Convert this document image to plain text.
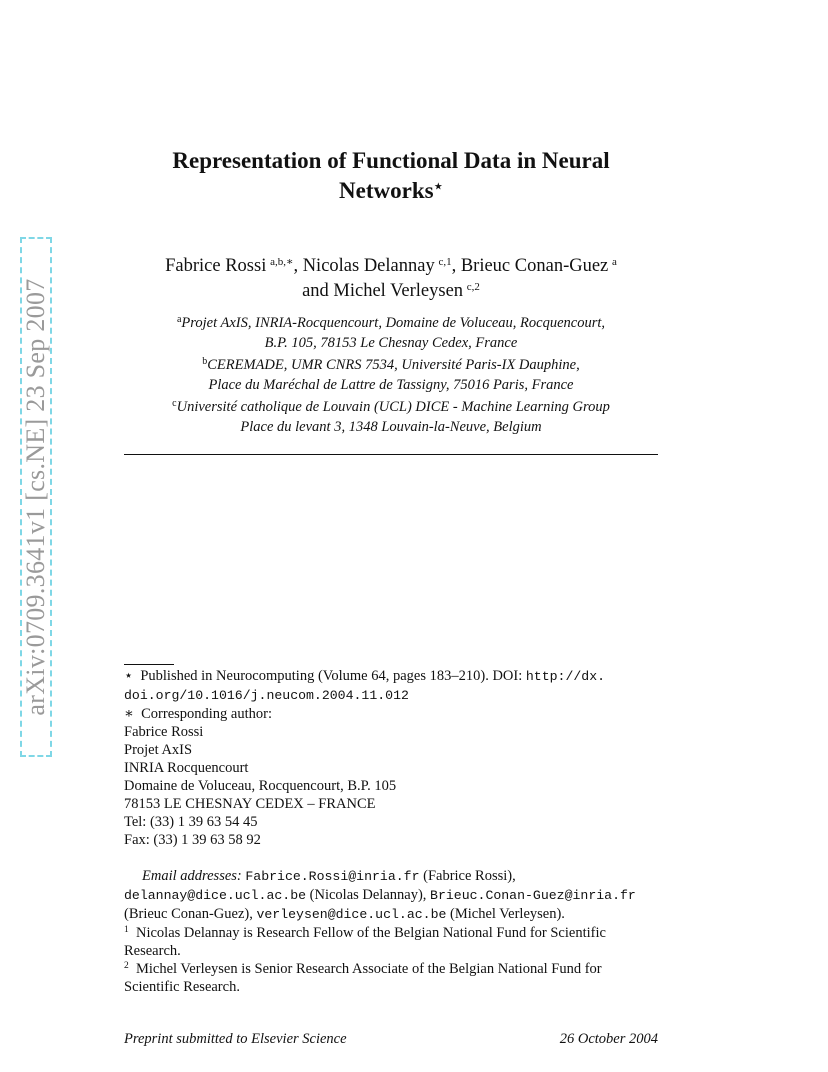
arXiv:0709.3641v1 [cs.NE] 23 Sep 2007
Representation of Functional Data in Neural
Networks⋆
Fabrice Rossi  $^{a,b,∗}$, Nicolas Delannay  $^{c,1}$, Brieuc Conan-Guez  $^a$
and Michel Verleysen  $^{c,2}$
$^a$Projet AxIS, INRIA-Rocquencourt, Domaine de Voluceau, Rocquencourt,
B.P. 105, 78153 Le Chesnay Cedex, France
$^b$CEREMADE, UMR CNRS 7534, Université Paris-IX Dauphine,
Place du Maréchal de Lattre de Tassigny, 75016 Paris, France
$^c$Université catholique de Louvain (UCL) DICE - Machine Learning Group
Place du levant 3, 1348 Louvain-la-Neuve, Belgium
⋆  Published in Neurocomputing (Volume 64, pages 183–210). DOI: http://dx.
doi.org/10.1016/j.neucom.2004.11.012
∗  Corresponding author:
Fabrice Rossi
Projet AxIS
INRIA Rocquencourt
Domaine de Voluceau, Rocquencourt, B.P. 105
78153 LE CHESNAY CEDEX – FRANCE
Tel: (33) 1 39 63 54 45
Fax: (33) 1 39 63 58 92
Email addresses: Fabrice.Rossi@inria.fr (Fabrice Rossi),
delannay@dice.ucl.ac.be (Nicolas Delannay), Brieuc.Conan-Guez@inria.fr
(Brieuc Conan-Guez), verleysen@dice.ucl.ac.be (Michel Verleysen).
$^1$  Nicolas Delannay is Research Fellow of the Belgian National Fund for Scientific
Research.
$^2$  Michel Verleysen is Senior Research Associate of the Belgian National Fund for
Scientific Research.
Preprint submitted to Elsevier Science	26 October 2004
